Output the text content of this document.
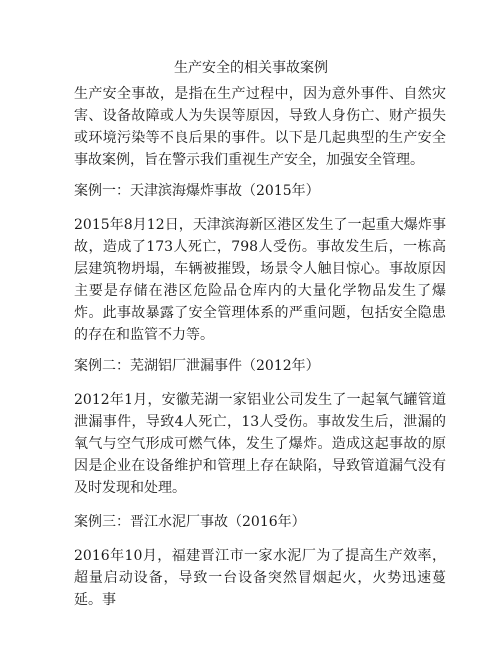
生产安全的相关事故案例

生产安全事故，是指在生产过程中，因为意外事件、自然灾害、设备故障或人为失误等原因，导致人身伤亡、财产损失或环境污染等不良后果的事件。以下是几起典型的生产安全事故案例，旨在警示我们重视生产安全，加强安全管理。

案例一：天津滨海爆炸事故（2015年）

2015年8月12日，天津滨海新区港区发生了一起重大爆炸事故，造成了173人死亡，798人受伤。事故发生后，一栋高层建筑物坍塌，车辆被摧毁，场景令人触目惊心。事故原因主要是存储在港区危险品仓库内的大量化学物品发生了爆炸。此事故暴露了安全管理体系的严重问题，包括安全隐患的存在和监管不力等。

案例二：芜湖铝厂泄漏事件（2012年）

2012年1月，安徽芜湖一家铝业公司发生了一起氧气罐管道泄漏事件，导致4人死亡，13人受伤。事故发生后，泄漏的氧气与空气形成可燃气体，发生了爆炸。造成这起事故的原因是企业在设备维护和管理上存在缺陷，导致管道漏气没有及时发现和处理。

案例三：晋江水泥厂事故（2016年）

2016年10月，福建晋江市一家水泥厂为了提高生产效率，超量启动设备，导致一台设备突然冒烟起火，火势迅速蔓延。事
